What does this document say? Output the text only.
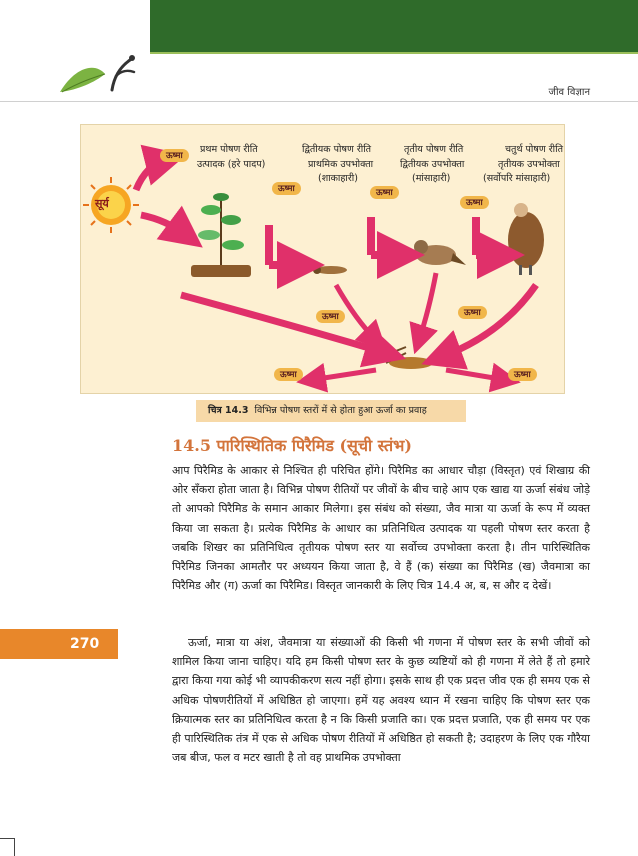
जीव विज्ञान
सूर्य
प्रथम पोषण रीति
उत्पादक (हरे पादप)
द्वितीयक पोषण रीति
प्राथमिक उपभोक्ता
(शाकाहारी)
तृतीय पोषण रीति
द्वितीयक उपभोक्ता
(मांसाहारी)
चतुर्थ पोषण रीति
तृतीयक उपभोक्ता
(सर्वोपरि मांसाहारी)
ऊष्मा
ऊष्मा	ऊष्मा
ऊष्मा
ऊष्मा	ऊष्मा
ऊष्मा	ऊष्मा
चित्र 14.3 विभिन्न पोषण स्तरों में से होता हुआ ऊर्जा का प्रवाह
14.5 पारिस्थितिक पिरैमिड (सूची स्तंभ)
आप पिरैमिड के आकार से निश्चित ही परिचित होंगे। पिरैमिड का आधार चौड़ा (विस्तृत) एवं शिखाग्र की ओर सँकरा होता जाता है। विभिन्न पोषण रीतियों पर जीवों के बीच चाहे आप एक खाद्य या ऊर्जा संबंध जोड़े तो आपको पिरैमिड के समान आकार मिलेगा। इस संबंध को संख्या, जैव मात्रा या ऊर्जा के रूप में व्यक्त किया जा सकता है। प्रत्येक पिरैमिड के आधार का प्रतिनिधित्व उत्पादक या पहली पोषण स्तर करता है जबकि शिखर का प्रतिनिधित्व तृतीयक पोषण स्तर या सर्वोच्च उपभोक्ता करता है। तीन पारिस्थितिक पिरैमिड जिनका आमतौर पर अध्ययन किया जाता है, वे हैं (क) संख्या का पिरैमिड (ख) जैवमात्रा का पिरैमिड और (ग) ऊर्जा का पिरैमिड। विस्तृत जानकारी के लिए चित्र 14.4 अ, ब, स और द देखें।
ऊर्जा, मात्रा या अंश, जैवमात्रा या संख्याओं की किसी भी गणना में पोषण स्तर के सभी जीवों को शामिल किया जाना चाहिए। यदि हम किसी पोषण स्तर के कुछ व्यष्टियों को ही गणना में लेते हैं तो हमारे द्वारा किया गया कोई भी व्यापकीकरण सत्य नहीं होगा। इसके साथ ही एक प्रदत्त जीव एक ही समय एक से अधिक पोषणरीतियों में अधिष्ठित हो जाएगा। हमें यह अवश्य ध्यान में रखना चाहिए कि पोषण स्तर एक क्रियात्मक स्तर का प्रतिनिधित्व करता है न कि किसी प्रजाति का। एक प्रदत्त प्रजाति, एक ही समय पर एक ही पारिस्थितिक तंत्र में एक से अधिक पोषण रीतियों में अधिष्ठित हो सकती है; उदाहरण के लिए एक गौरैया जब बीज, फल व मटर खाती है तो वह प्राथमिक उपभोक्ता
270
